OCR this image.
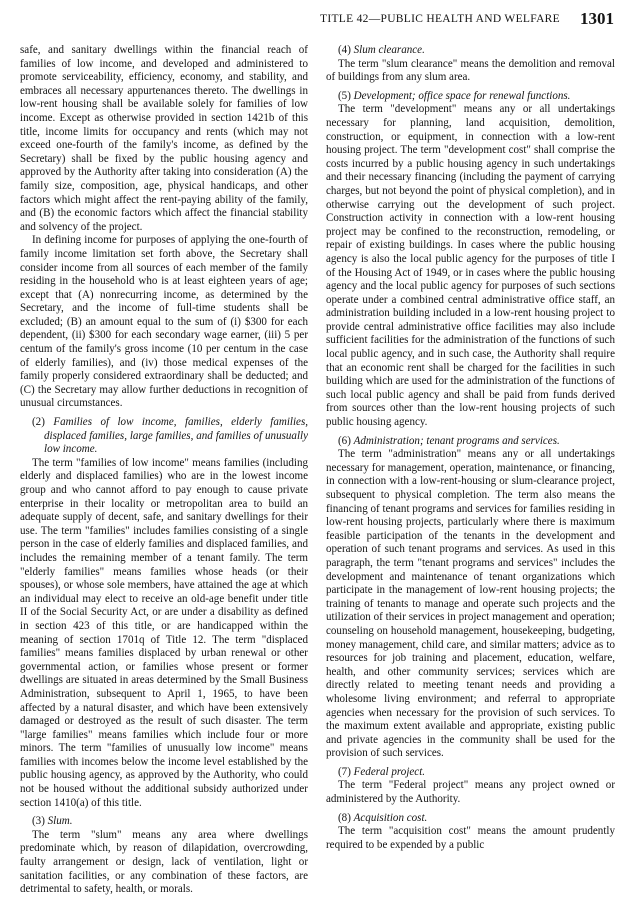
TITLE 42—PUBLIC HEALTH AND WELFARE 1301

safe, and sanitary dwellings within the financial reach of families of low income, and developed and administered to promote serviceability, efficiency, economy, and stability, and embraces all necessary appurtenances thereto. The dwellings in low-rent housing shall be available solely for families of low income. Except as otherwise provided in section 1421b of this title, income limits for occupancy and rents (which may not exceed one-fourth of the family's income, as defined by the Secretary) shall be fixed by the public housing agency and approved by the Authority after taking into consideration (A) the family size, composition, age, physical handicaps, and other factors which might affect the rent-paying ability of the family, and (B) the economic factors which affect the financial stability and solvency of the project.

In defining income for purposes of applying the one-fourth of family income limitation set forth above, the Secretary shall consider income from all sources of each member of the family residing in the household who is at least eighteen years of age; except that (A) nonrecurring income, as determined by the Secretary, and the income of full-time students shall be excluded; (B) an amount equal to the sum of (i) $300 for each dependent, (ii) $300 for each secondary wage earner, (iii) 5 per centum of the family's gross income (10 per centum in the case of elderly families), and (iv) those medical expenses of the family properly considered extraordinary shall be deducted; and (C) the Secretary may allow further deductions in recognition of unusual circumstances.

(2) Families of low income, families, elderly families, displaced families, large families, and families of unusually low income.

The term "families of low income" means families (including elderly and displaced families) who are in the lowest income group and who cannot afford to pay enough to cause private enterprise in their locality or metropolitan area to build an adequate supply of decent, safe, and sanitary dwellings for their use. The term "families" includes families consisting of a single person in the case of elderly families and displaced families, and includes the remaining member of a tenant family. The term "elderly families" means families whose heads (or their spouses), or whose sole members, have attained the age at which an individual may elect to receive an old-age benefit under title II of the Social Security Act, or are under a disability as defined in section 423 of this title, or are handicapped within the meaning of section 1701q of Title 12. The term "displaced families" means families displaced by urban renewal or other governmental action, or families whose present or former dwellings are situated in areas determined by the Small Business Administration, subsequent to April 1, 1965, to have been affected by a natural disaster, and which have been extensively damaged or destroyed as the result of such disaster. The term "large families" means families which include four or more minors. The term "families of unusually low income" means families with incomes below the income level established by the public housing agency, as approved by the Authority, who could not be housed without the additional subsidy authorized under section 1410(a) of this title.

(3) Slum.

The term "slum" means any area where dwellings predominate which, by reason of dilapidation, overcrowding, faulty arrangement or design, lack of ventilation, light or sanitation facilities, or any combination of these factors, are detrimental to safety, health, or morals.

(4) Slum clearance.

The term "slum clearance" means the demolition and removal of buildings from any slum area.

(5) Development; office space for renewal functions.

The term "development" means any or all undertakings necessary for planning, land acquisition, demolition, construction, or equipment, in connection with a low-rent housing project. The term "development cost" shall comprise the costs incurred by a public housing agency in such undertakings and their necessary financing (including the payment of carrying charges, but not beyond the point of physical completion), and in otherwise carrying out the development of such project. Construction activity in connection with a low-rent housing project may be confined to the reconstruction, remodeling, or repair of existing buildings. In cases where the public housing agency is also the local public agency for the purposes of title I of the Housing Act of 1949, or in cases where the public housing agency and the local public agency for purposes of such sections operate under a combined central administrative office staff, an administration building included in a low-rent housing project to provide central administrative office facilities may also include sufficient facilities for the administration of the functions of such local public agency, and in such case, the Authority shall require that an economic rent shall be charged for the facilities in such building which are used for the administration of the functions of such local public agency and shall be paid from funds derived from sources other than the low-rent housing projects of such public housing agency.

(6) Administration; tenant programs and services.

The term "administration" means any or all undertakings necessary for management, operation, maintenance, or financing, in connection with a low-rent-housing or slum-clearance project, subsequent to physical completion. The term also means the financing of tenant programs and services for families residing in low-rent housing projects, particularly where there is maximum feasible participation of the tenants in the development and operation of such tenant programs and services. As used in this paragraph, the term "tenant programs and services" includes the development and maintenance of tenant organizations which participate in the management of low-rent housing projects; the training of tenants to manage and operate such projects and the utilization of their services in project management and operation; counseling on household management, housekeeping, budgeting, money management, child care, and similar matters; advice as to resources for job training and placement, education, welfare, health, and other community services; services which are directly related to meeting tenant needs and providing a wholesome living environment; and referral to appropriate agencies when necessary for the provision of such services. To the maximum extent available and appropriate, existing public and private agencies in the community shall be used for the provision of such services.

(7) Federal project.

The term "Federal project" means any project owned or administered by the Authority.

(8) Acquisition cost.

The term "acquisition cost" means the amount prudently required to be expended by a public
